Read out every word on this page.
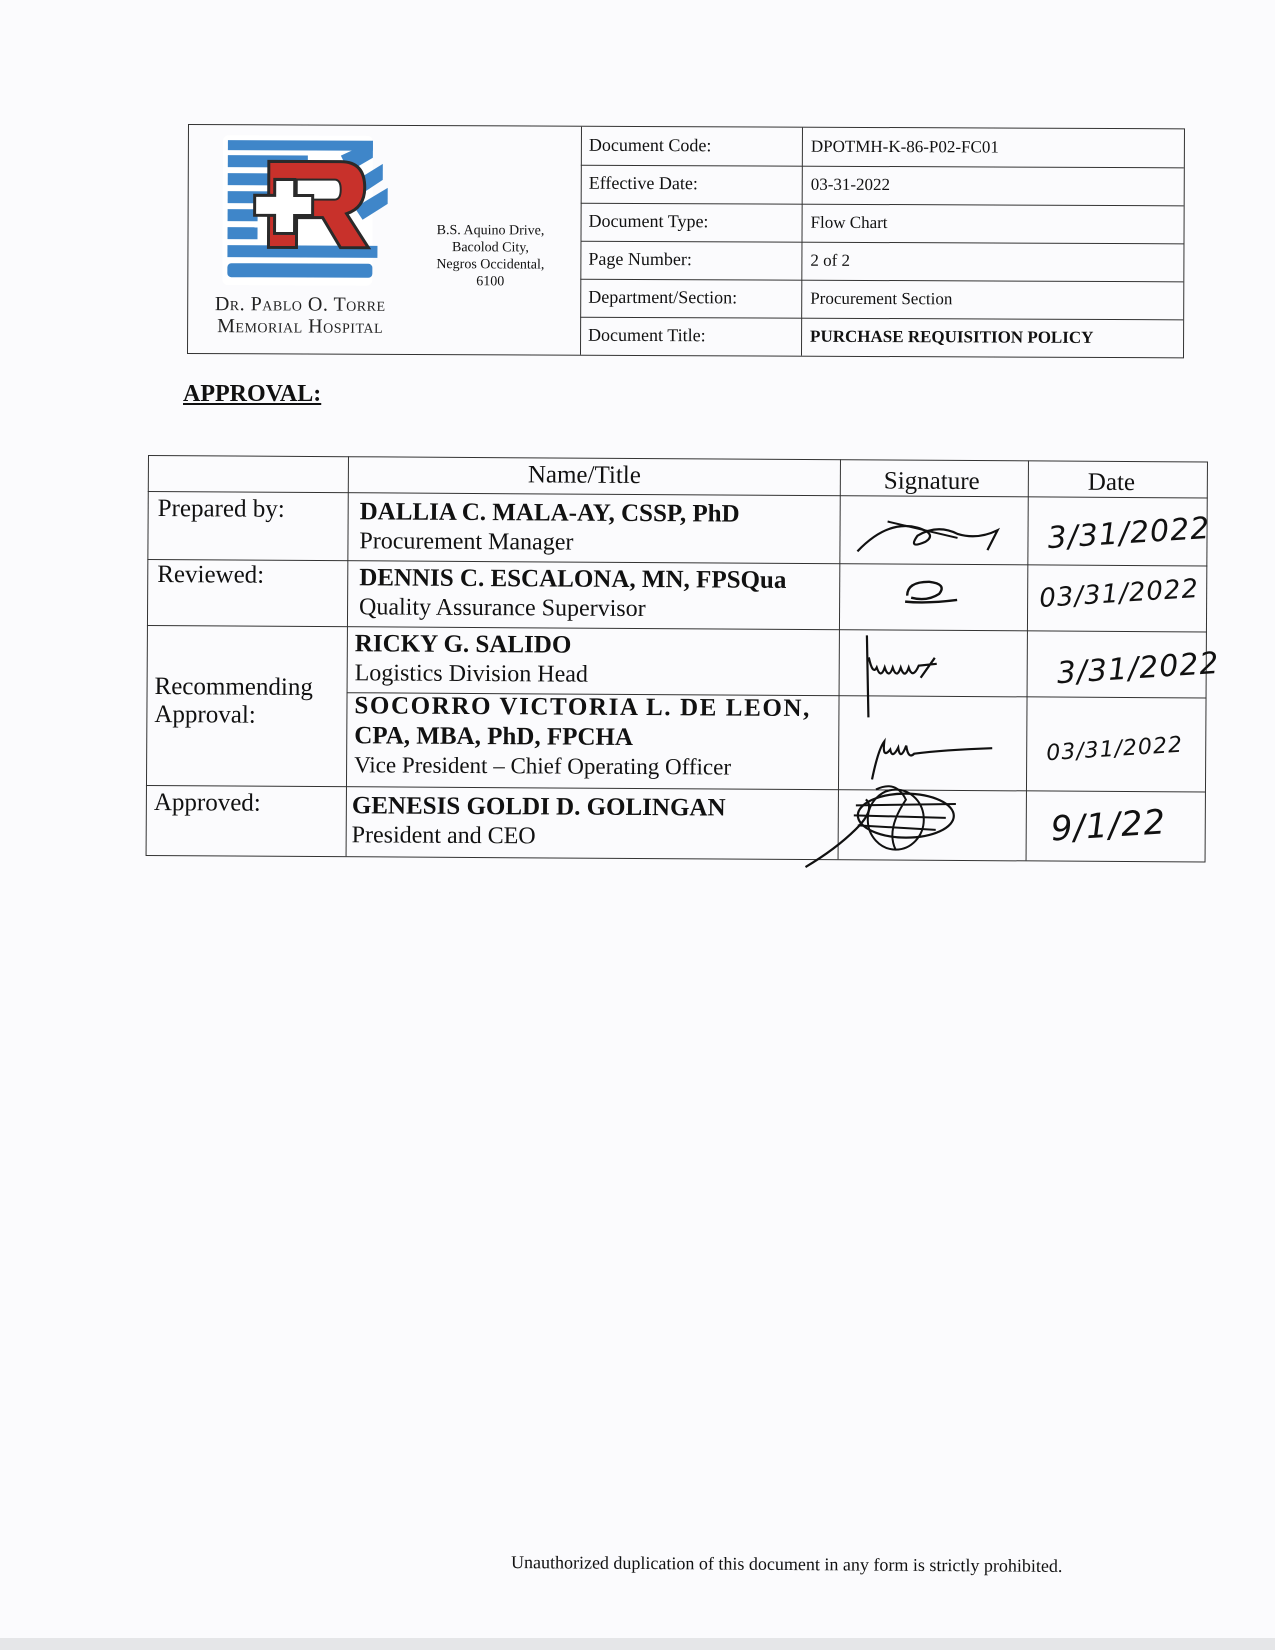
Dr. Pablo O. Torre
Memorial Hospital
B.S. Aquino Drive,
Bacolod City,
Negros Occidental,
6100
Document Code:	DPOTMH-K-86-P02-FC01
Effective Date:	03-31-2022
Document Type:	Flow Chart
Page Number:	2 of 2
Department/Section:	Procurement Section
Document Title:	PURCHASE REQUISITION POLICY
APPROVAL:
Name/Title	Signature	Date
Prepared by:	DALLIA C. MALA-AY, CSSP, PhD
Procurement Manager	3/31/2022
Reviewed:	DENNIS C. ESCALONA, MN, FPSQua
Quality Assurance Supervisor	03/31/2022
Recommending
Approval:
RICKY G. SALIDO
Logistics Division Head	3/31/2022
SOCORRO VICTORIA L. DE LEON,
CPA, MBA, PhD, FPCHA
Vice President – Chief Operating Officer	03/31/2022
Approved:	GENESIS GOLDI D. GOLINGAN
President and CEO	9/1/22
Unauthorized duplication of this document in any form is strictly prohibited.
